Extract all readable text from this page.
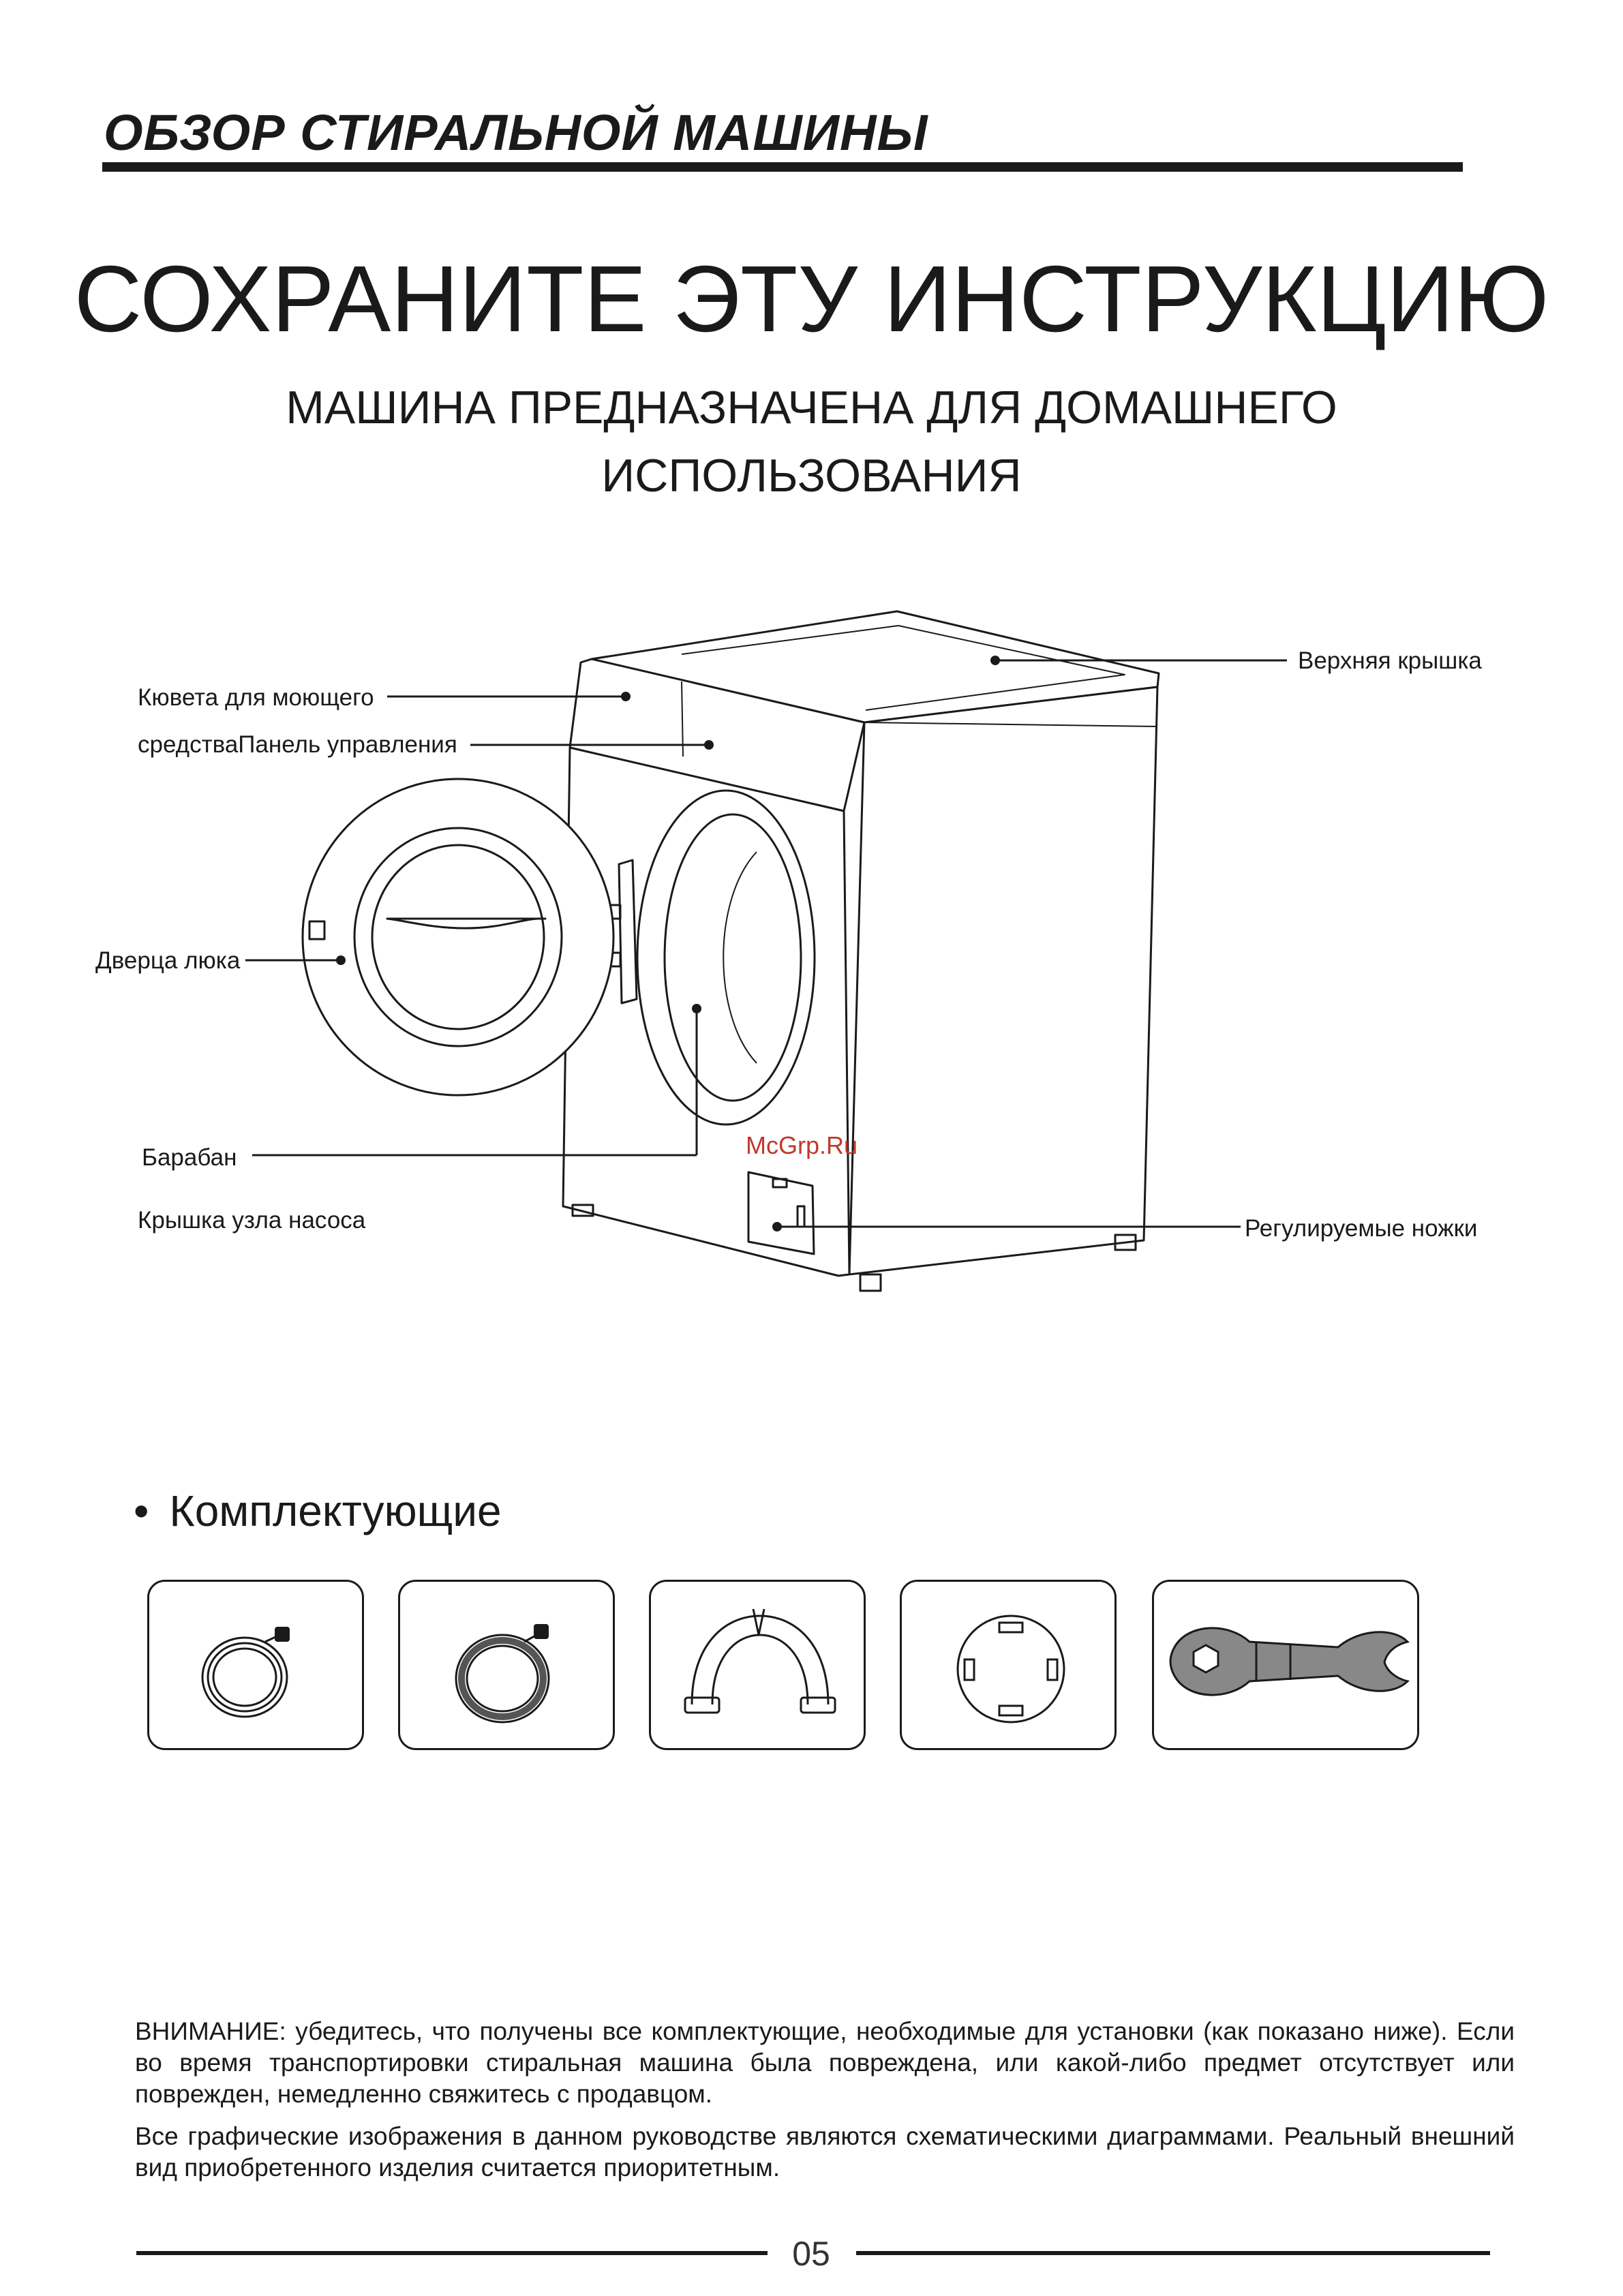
ОБЗОР СТИРАЛЬНОЙ МАШИНЫ
СОХРАНИТЕ ЭТУ ИНСТРУКЦИЮ
МАШИНА ПРЕДНАЗНАЧЕНА ДЛЯ ДОМАШНЕГО
ИСПОЛЬЗОВАНИЯ
Верхняя крышка
Кювета для моющего
средстваПанель управления
Дверца люка
Барабан
Крышка узла насоса	Регулируемые ножки
McGrp.Ru
• Комплектующие
ВНИМАНИЕ: убедитесь, что получены все комплектующие, необходимые для установки (как показано ниже). Если во время транспортировки стиральная машина была повреждена, или какой-либо предмет отсутствует или поврежден, немедленно свяжитесь с продавцом.
Все графические изображения в данном руководстве являются схематическими диаграммами. Реальный внешний вид приобретенного изделия считается приоритетным.
05
